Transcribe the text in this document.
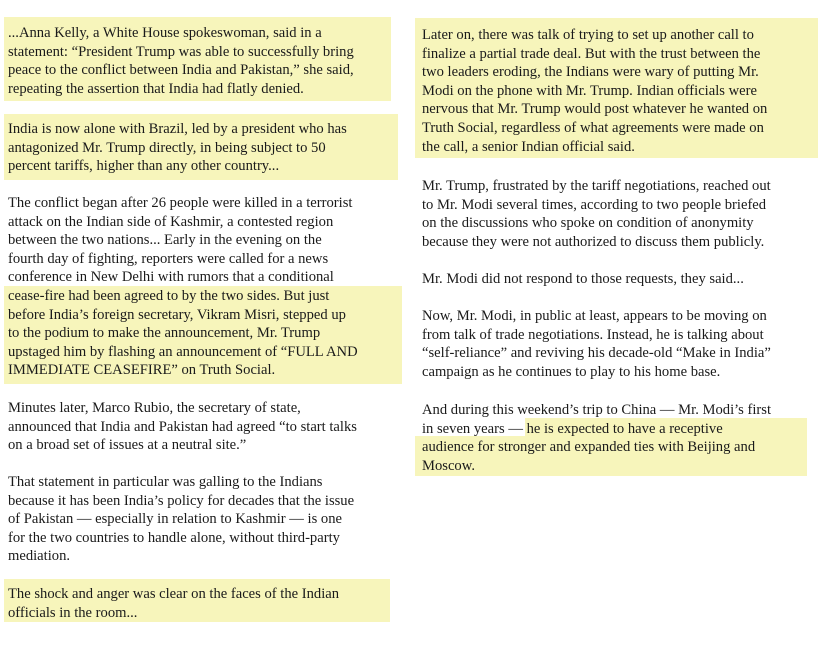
...Anna Kelly, a White House spokeswoman, said in a
statement: “President Trump was able to successfully bring
peace to the conflict between India and Pakistan,” she said,
repeating the assertion that India had flatly denied.
India is now alone with Brazil, led by a president who has
antagonized Mr. Trump directly, in being subject to 50
percent tariffs, higher than any other country...
The conflict began after 26 people were killed in a terrorist
attack on the Indian side of Kashmir, a contested region
between the two nations... Early in the evening on the
fourth day of fighting, reporters were called for a news
conference in New Delhi with rumors that a conditional
cease-fire had been agreed to by the two sides. But just
before India’s foreign secretary, Vikram Misri, stepped up
to the podium to make the announcement, Mr. Trump
upstaged him by flashing an announcement of “FULL AND
IMMEDIATE CEASEFIRE” on Truth Social.
Minutes later, Marco Rubio, the secretary of state,
announced that India and Pakistan had agreed “to start talks
on a broad set of issues at a neutral site.”
That statement in particular was galling to the Indians
because it has been India’s policy for decades that the issue
of Pakistan — especially in relation to Kashmir — is one
for the two countries to handle alone, without third-party
mediation.
The shock and anger was clear on the faces of the Indian
officials in the room...
Later on, there was talk of trying to set up another call to
finalize a partial trade deal. But with the trust between the
two leaders eroding, the Indians were wary of putting Mr.
Modi on the phone with Mr. Trump. Indian officials were
nervous that Mr. Trump would post whatever he wanted on
Truth Social, regardless of what agreements were made on
the call, a senior Indian official said.
Mr. Trump, frustrated by the tariff negotiations, reached out
to Mr. Modi several times, according to two people briefed
on the discussions who spoke on condition of anonymity
because they were not authorized to discuss them publicly.
Mr. Modi did not respond to those requests, they said...
Now, Mr. Modi, in public at least, appears to be moving on
from talk of trade negotiations. Instead, he is talking about
“self-reliance” and reviving his decade-old “Make in India”
campaign as he continues to play to his home base.
And during this weekend’s trip to China — Mr. Modi’s first
in seven years — he is expected to have a receptive
audience for stronger and expanded ties with Beijing and
Moscow.
